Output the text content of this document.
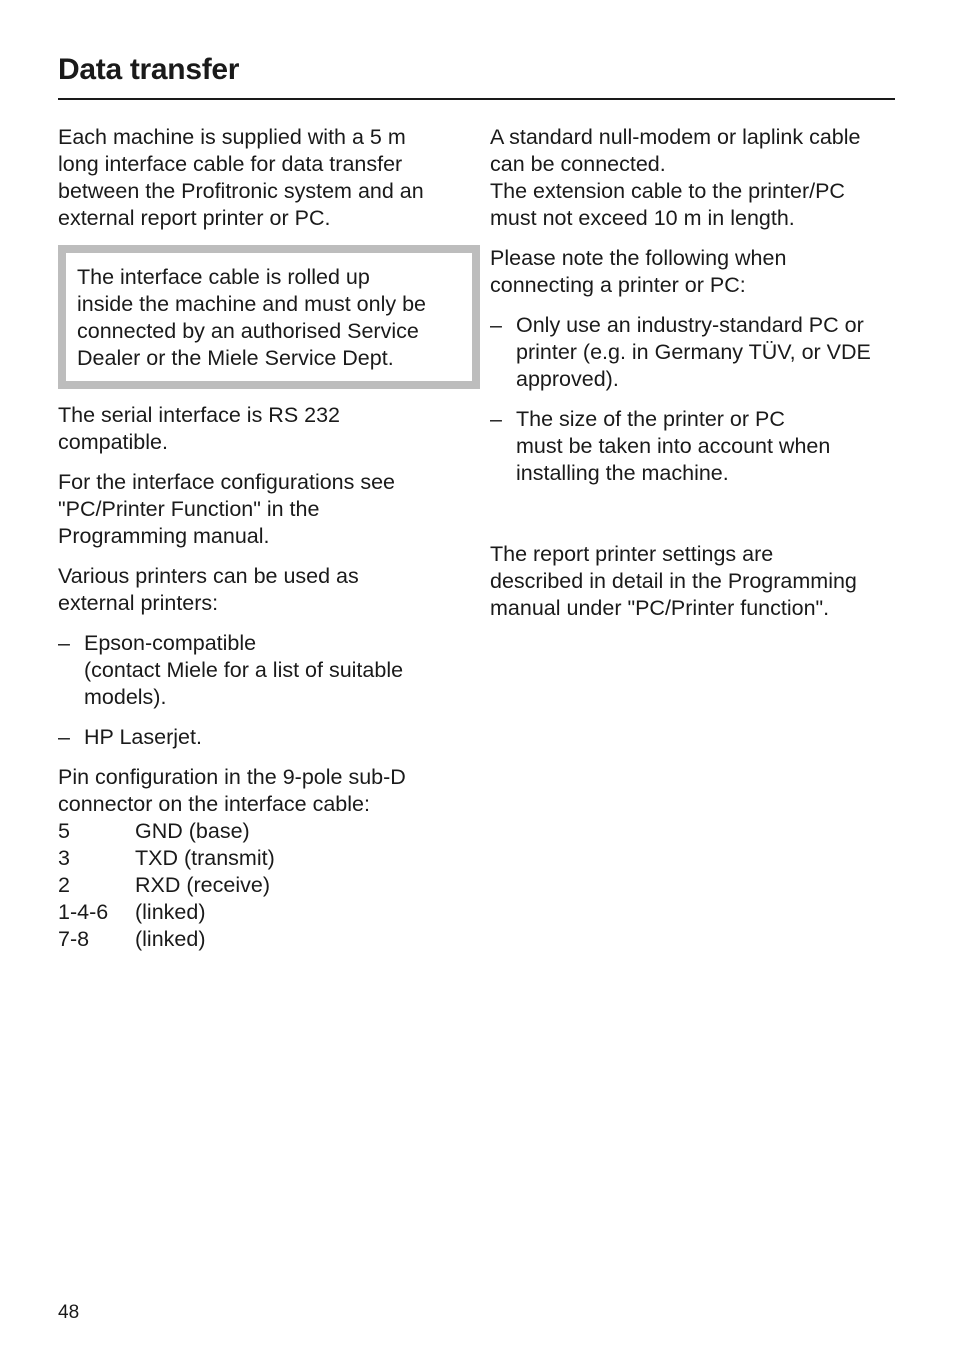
Data transfer

Each machine is supplied with a 5 m
long interface cable for data transfer
between the Profitronic system and an
external report printer or PC.

The interface cable is rolled up
inside the machine and must only be
connected by an authorised Service
Dealer or the Miele Service Dept.

The serial interface is RS 232
compatible.

For the interface configurations see
"PC/Printer Function" in the
Programming manual.

Various printers can be used as
external printers:

– Epson-compatible
(contact Miele for a list of suitable
models).
– HP Laserjet.

Pin configuration in the 9-pole sub-D
connector on the interface cable:

5	GND (base)
3	TXD (transmit)
2	RXD (receive)
1-4-6	(linked)
7-8	(linked)

A standard null-modem or laplink cable
can be connected.
The extension cable to the printer/PC
must not exceed 10 m in length.

Please note the following when
connecting a printer or PC:

– Only use an industry-standard PC or
printer (e.g. in Germany TÜV, or VDE
approved).
– The size of the printer or PC
must be taken into account when
installing the machine.

The report printer settings are
described in detail in the Programming
manual under "PC/Printer function".

48
